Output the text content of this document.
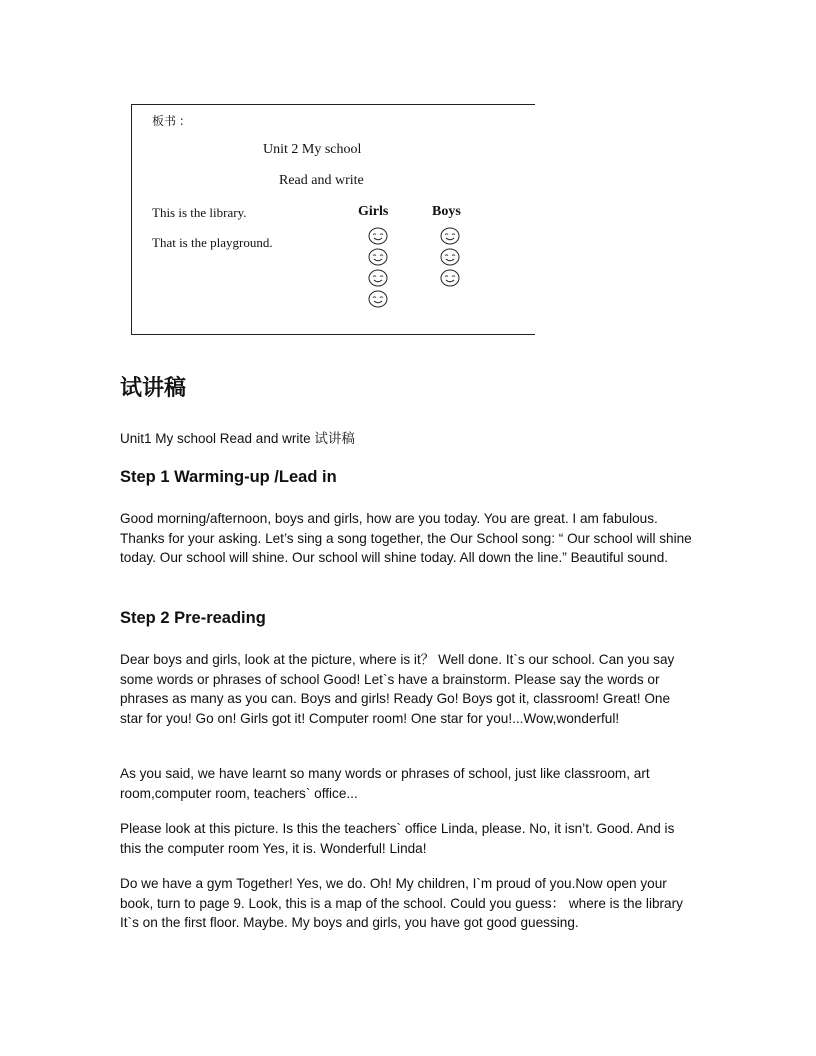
板书 ：
Unit 2 My school
Read and write
This is the library.
That is the playground.
Girls	Boys
试讲稿

Unit1 My school Read and write 试讲稿

Step 1 Warming-up /Lead in

Good morning/afternoon, boys and girls, how are you today. You are great. I am fabulous. Thanks for your asking. Let’s sing a song together, the Our School song: “ Our school will shine today. Our school will shine. Our school will shine today. All down the line.” Beautiful sound.

Step 2 Pre-reading

Dear boys and girls, look at the picture, where is it？ Well done. It`s our school. Can you say some words or phrases of school Good! Let`s have a brainstorm. Please say the words or phrases as many as you can. Boys and girls! Ready Go! Boys got it, classroom! Great! One star for you! Go on! Girls got it! Computer room! One star for you!...Wow,wonderful!

As you said, we have learnt so many words or phrases of school, just like classroom, art room,computer room, teachers` office...

Please look at this picture. Is this the teachers` office Linda, please. No, it isn’t. Good. And is this the computer room Yes, it is. Wonderful! Linda!

Do we have a gym Together! Yes, we do. Oh! My children, I`m proud of you.Now open your book, turn to page 9. Look, this is a map of the school. Could you guess： where is the library It`s on the first floor. Maybe. My boys and girls, you have got good guessing.
